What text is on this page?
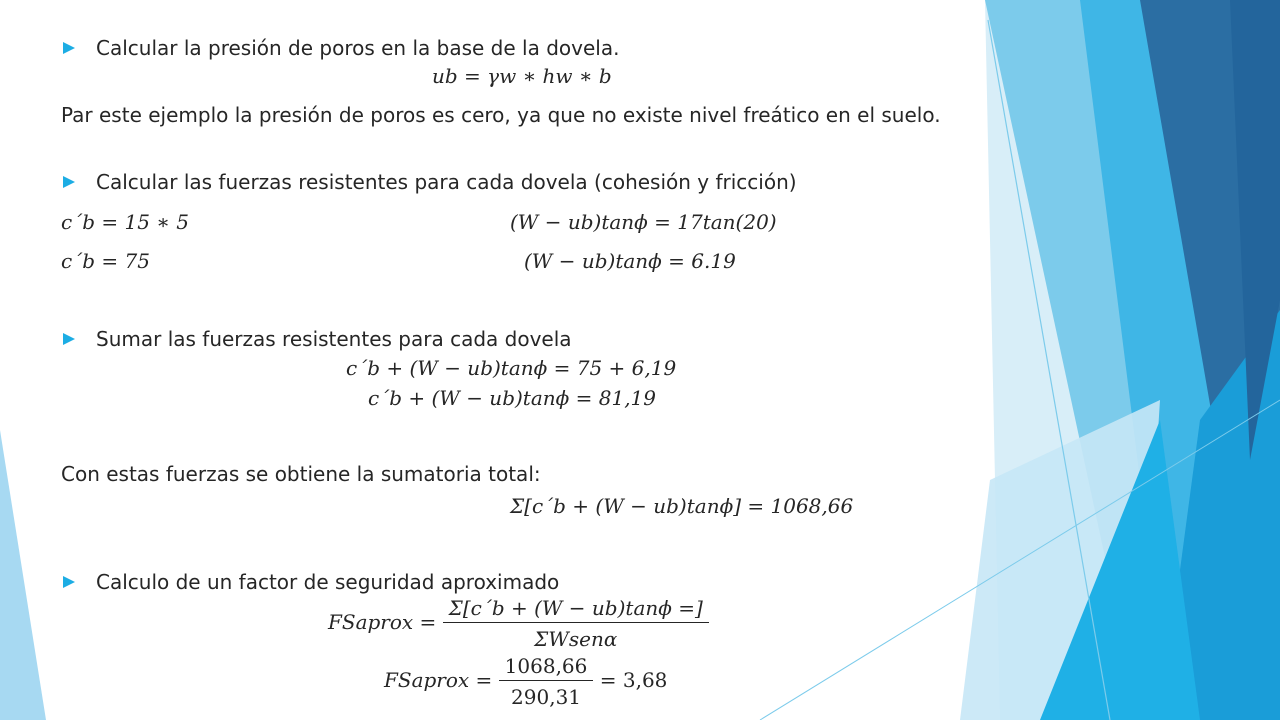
Calcular la presión de poros en la base de la dovela.
ub = γw ∗ hw ∗ b
Par este ejemplo la presión de poros es cero, ya que no existe nivel freático en el suelo.
Calcular las fuerzas resistentes para cada dovela (cohesión y fricción)
c´b = 15 ∗ 5	(W − ub)tanϕ = 17tan(20)
c´b = 75	(W − ub)tanϕ = 6.19
Sumar las fuerzas resistentes para cada dovela
c´b + (W − ub)tanϕ = 75 + 6,19
c´b + (W − ub)tanϕ = 81,19
Con estas fuerzas se obtiene la sumatoria total:
Σ[c´b + (W − ub)tanϕ] = 1068,66
Calculo de un factor de seguridad aproximado
FSaprox = $\frac{\Sigma[c´b + (W - ub)\tan\phi =]}{\text{ΣWsenα}}$
FSaprox = $\frac{1068,66}{290,31} = 3,68$
